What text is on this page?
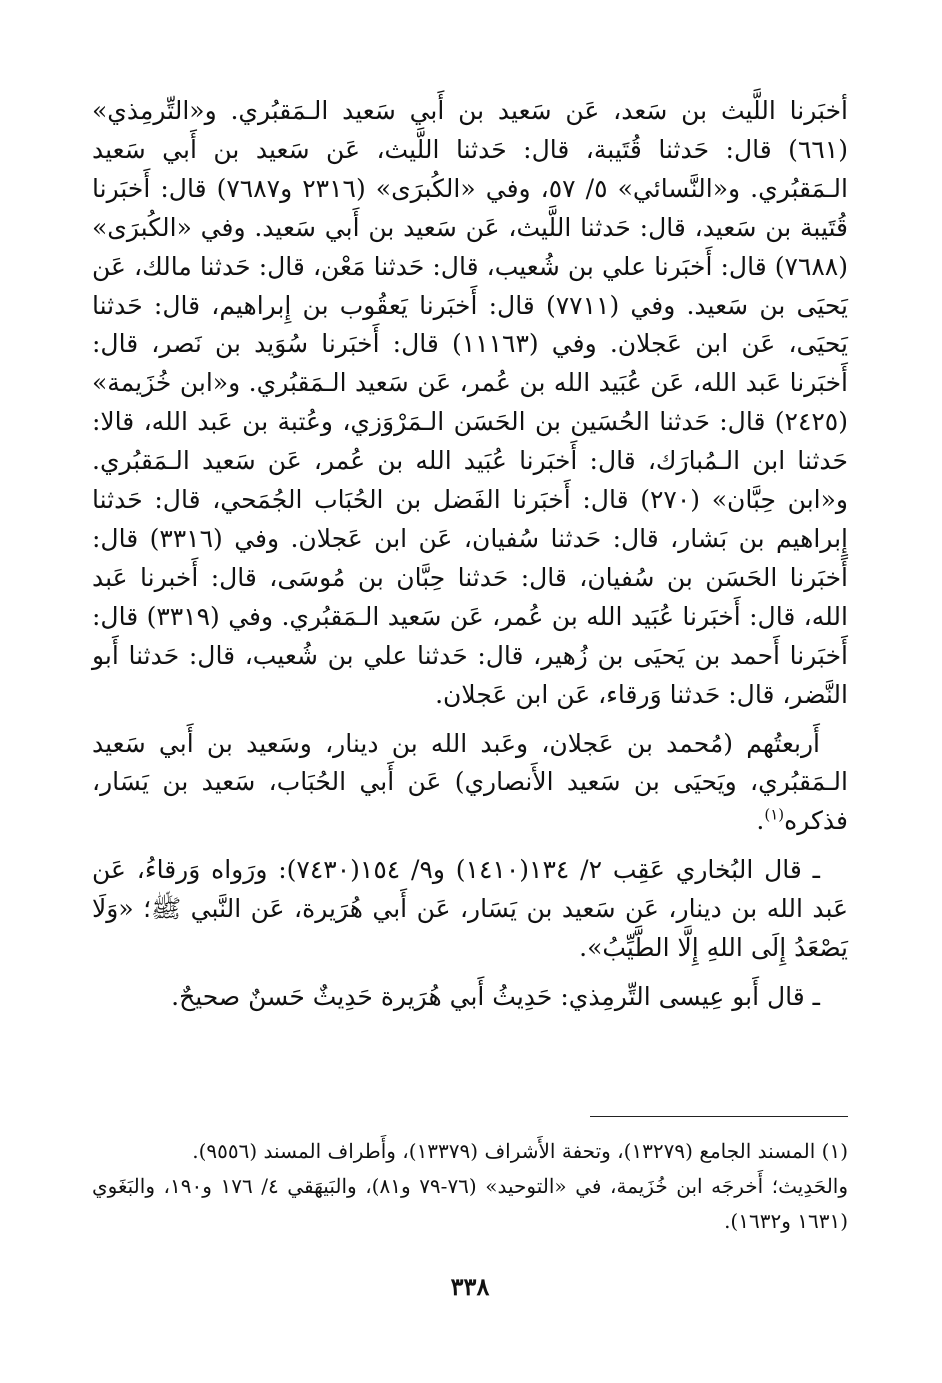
أخبَرنا اللَّيث بن سَعد، عَن سَعيد بن أَبي سَعيد الـمَقبُري. و«التِّرمِذي» (٦٦١) قال: حَدثنا قُتَيبة، قال: حَدثنا اللَّيث، عَن سَعيد بن أَبي سَعيد الـمَقبُري. و«النَّسائي» ٥/ ٥٧، وفي «الكُبرَى» (٢٣١٦ و٧٦٨٧) قال: أَخبَرنا قُتَيبة بن سَعيد، قال: حَدثنا اللَّيث، عَن سَعيد بن أَبي سَعيد. وفي «الكُبرَى» (٧٦٨٨) قال: أَخبَرنا علي بن شُعيب، قال: حَدثنا مَعْن، قال: حَدثنا مالك، عَن يَحيَى بن سَعيد. وفي (٧٧١١) قال: أَخبَرنا يَعقُوب بن إِبراهيم، قال: حَدثنا يَحيَى، عَن ابن عَجلان. وفي (١١١٦٣) قال: أَخبَرنا سُوَيد بن نَصر، قال: أَخبَرنا عَبد الله، عَن عُبَيد الله بن عُمر، عَن سَعيد الـمَقبُري. و«ابن خُزَيمة» (٢٤٢٥) قال: حَدثنا الحُسَين بن الحَسَن الـمَرْوَزي، وعُتبة بن عَبد الله، قالا: حَدثنا ابن الـمُبارَك، قال: أَخبَرنا عُبَيد الله بن عُمر، عَن سَعيد الـمَقبُري. و«ابن حِبَّان» (٢٧٠) قال: أَخبَرنا الفَضل بن الحُبَاب الجُمَحي، قال: حَدثنا إِبراهيم بن بَشار، قال: حَدثنا سُفيان، عَن ابن عَجلان. وفي (٣٣١٦) قال: أَخبَرنا الحَسَن بن سُفيان، قال: حَدثنا حِبَّان بن مُوسَى، قال: أَخبرنا عَبد الله، قال: أَخبَرنا عُبَيد الله بن عُمر، عَن سَعيد الـمَقبُري. وفي (٣٣١٩) قال: أَخبَرنا أَحمد بن يَحيَى بن زُهير، قال: حَدثنا علي بن شُعيب، قال: حَدثنا أَبو النَّضر، قال: حَدثنا وَرقاء، عَن ابن عَجلان.

أَربعتُهم (مُحمد بن عَجلان، وعَبد الله بن دينار، وسَعيد بن أَبي سَعيد الـمَقبُري، ويَحيَى بن سَعيد الأَنصاري) عَن أَبي الحُبَاب، سَعيد بن يَسَار، فذكره$^{(١)}$.

ـ قال البُخاري عَقِب ٢/ ١٣٤(١٤١٠) و٩/ ١٥٤(٧٤٣٠): ورَواه وَرقاءُ، عَن عَبد الله بن دينار، عَن سَعيد بن يَسَار، عَن أَبي هُرَيرة، عَن النَّبي ﷺ؛ «وَلَا يَصْعَدُ إِلَى اللهِ إِلَّا الطَّيِّبُ».

ـ قال أَبو عِيسى التِّرمِذي: حَدِيثُ أَبي هُرَيرة حَدِيثٌ حَسنٌ صحيحٌ.

(١) المسند الجامع (١٣٢٧٩)، وتحفة الأَشراف (١٣٣٧٩)، وأَطراف المسند (٩٥٥٦).

والحَدِيث؛ أَخرجَه ابن خُزَيمة، في «التوحيد» (٧٦-٧٩ و٨١)، والبَيهَقي ٤/ ١٧٦ و١٩٠، والبَغَوي (١٦٣١ و١٦٣٢).

٣٣٨
